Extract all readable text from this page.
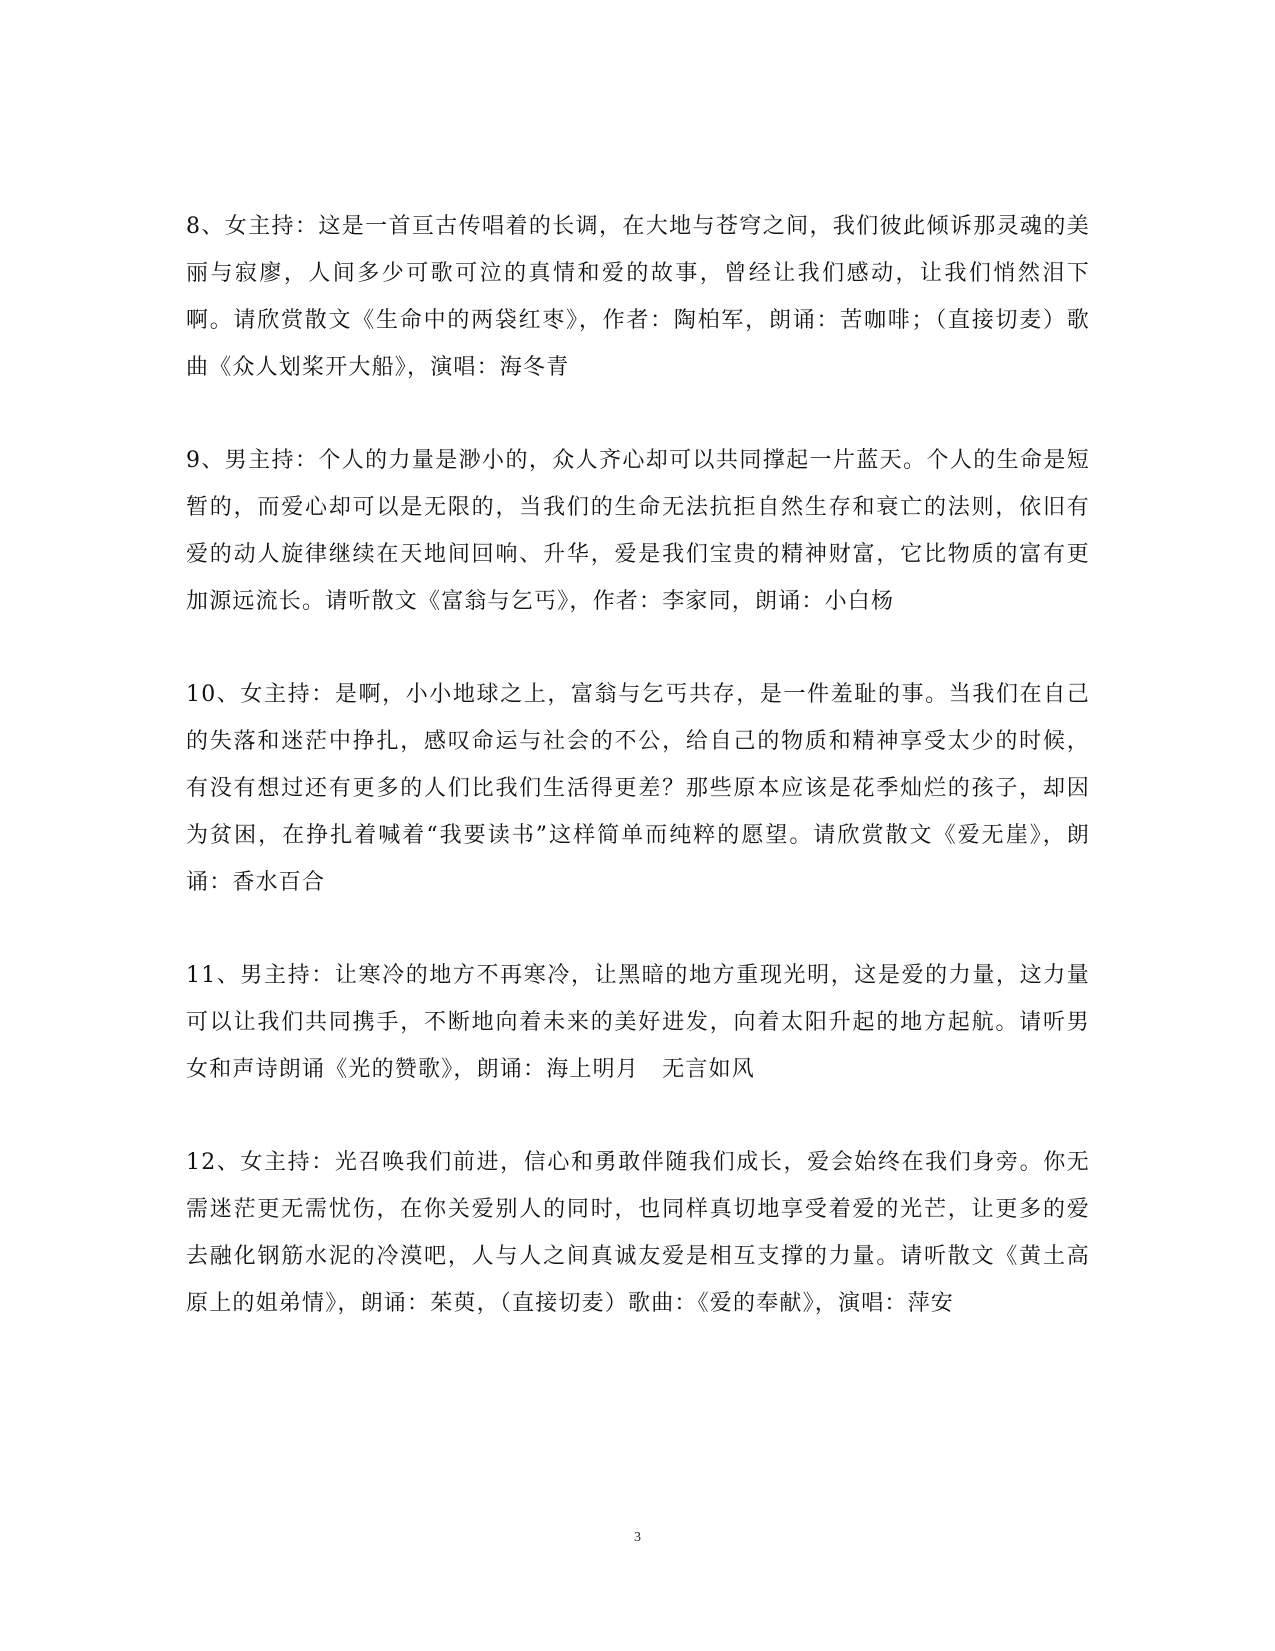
8、女主持：这是一首亘古传唱着的长调，在大地与苍穹之间，我们彼此倾诉那灵魂的美丽与寂廖，人间多少可歌可泣的真情和爱的故事，曾经让我们感动，让我们悄然泪下啊。请欣赏散文《生命中的两袋红枣》，作者：陶柏军，朗诵：苦咖啡；（直接切麦）歌曲《众人划桨开大船》，演唱：海冬青

9、男主持：个人的力量是渺小的，众人齐心却可以共同撑起一片蓝天。个人的生命是短暂的，而爱心却可以是无限的，当我们的生命无法抗拒自然生存和衰亡的法则，依旧有爱的动人旋律继续在天地间回响、升华，爱是我们宝贵的精神财富，它比物质的富有更加源远流长。请听散文《富翁与乞丐》，作者：李家同，朗诵：小白杨

10、女主持：是啊，小小地球之上，富翁与乞丐共存，是一件羞耻的事。当我们在自己的失落和迷茫中挣扎，感叹命运与社会的不公，给自己的物质和精神享受太少的时候，有没有想过还有更多的人们比我们生活得更差？那些原本应该是花季灿烂的孩子，却因为贫困，在挣扎着喊着“我要读书”这样简单而纯粹的愿望。请欣赏散文《爱无崖》，朗诵：香水百合

11、男主持：让寒冷的地方不再寒冷，让黑暗的地方重现光明，这是爱的力量，这力量可以让我们共同携手，不断地向着未来的美好进发，向着太阳升起的地方起航。请听男女和声诗朗诵《光的赞歌》，朗诵：海上明月　无言如风

12、女主持：光召唤我们前进，信心和勇敢伴随我们成长，爱会始终在我们身旁。你无需迷茫更无需忧伤，在你关爱别人的同时，也同样真切地享受着爱的光芒，让更多的爱去融化钢筋水泥的冷漠吧，人与人之间真诚友爱是相互支撑的力量。请听散文《黄土高原上的姐弟情》，朗诵：茱萸，（直接切麦）歌曲：《爱的奉献》，演唱：萍安

3
